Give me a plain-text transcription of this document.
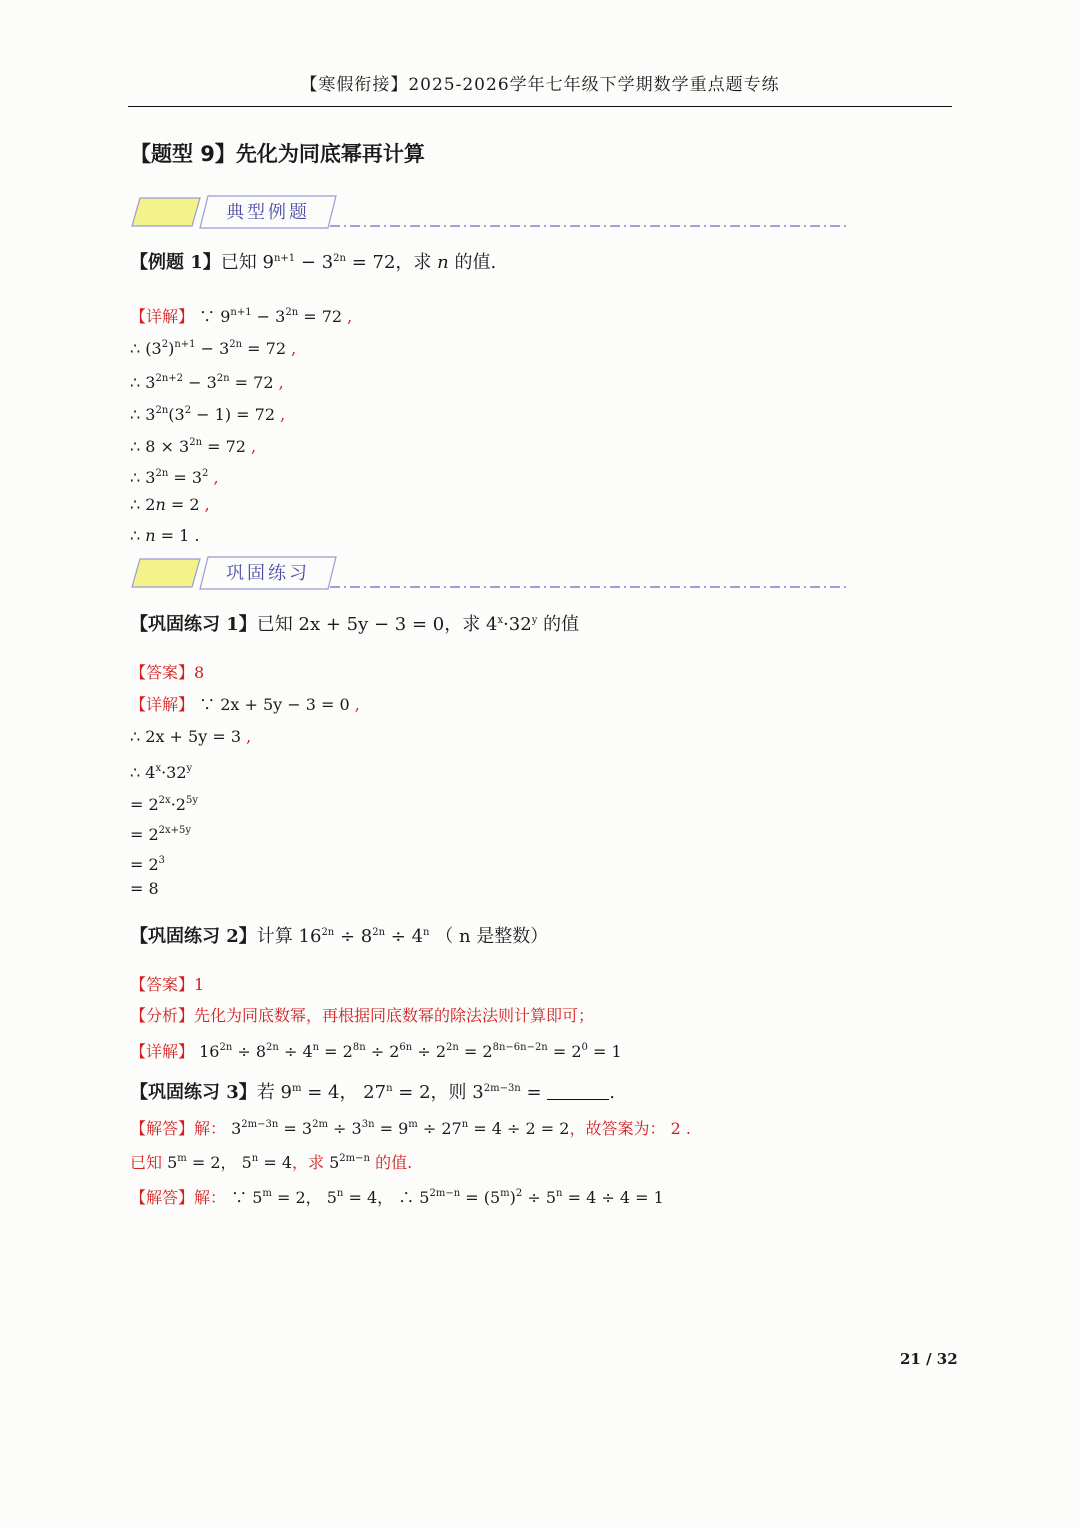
【寒假衔接】2025-2026学年七年级下学期数学重点题专练
【题型 9】先化为同底幂再计算
典型例题
【例题 1】已知 $9^{n+1} - 3^{2n} = 72$，求 n 的值.
【详解】 ∵ $9^{n+1} - 3^{2n} = 72$ ,
∴ $(3^2)^{n+1} - 3^{2n} = 72$ ,
∴ $3^{2n+2} - 3^{2n} = 72$ ,
∴ $3^{2n}(3^2 - 1) = 72$ ,
∴ $8 \times 3^{2n} = 72$ ,
∴ $3^{2n} = 3^2$ ,
∴ 2n = 2 ,
∴ n = 1 .
巩固练习
【巩固练习 1】已知 2x + 5y − 3 = 0，求 $4^x\cdot 32^y$ 的值
【答案】8
【详解】 ∵ 2x + 5y − 3 = 0 ,
∴ 2x + 5y = 3 ,
∴ $4^x\cdot 32^y$
= $2^{2x}\cdot 2^{5y}$
= $2^{2x+5y}$
= $2^3$
= 8
【巩固练习 2】计算 $16^{2n} \div 8^{2n} \div 4^n$ （ n 是整数）
【答案】1
【分析】先化为同底数幂，再根据同底数幂的除法法则计算即可；
【详解】 $16^{2n} \div 8^{2n} \div 4^n = 2^{8n} \div 2^{6n} \div 2^{2n} = 2^{8n-6n-2n} = 2^0 = 1$
【巩固练习 3】若 $9^m = 4$， $27^n = 2$，则 $3^{2m-3n}$ =	.
【解答】解： $3^{2m-3n} = 3^{2m} \div 3^{3n} = 9^m \div 27^n = 4 \div 2 = 2$，故答案为： 2 .
已知 $5^m = 2$， $5^n = 4$，求 $5^{2m-n}$ 的值.
【解答】解： ∵ $5^m = 2$， $5^n = 4$， ∴ $5^{2m-n} = (5^m)^2 \div 5^n = 4 \div 4 = 1$
21 / 32
